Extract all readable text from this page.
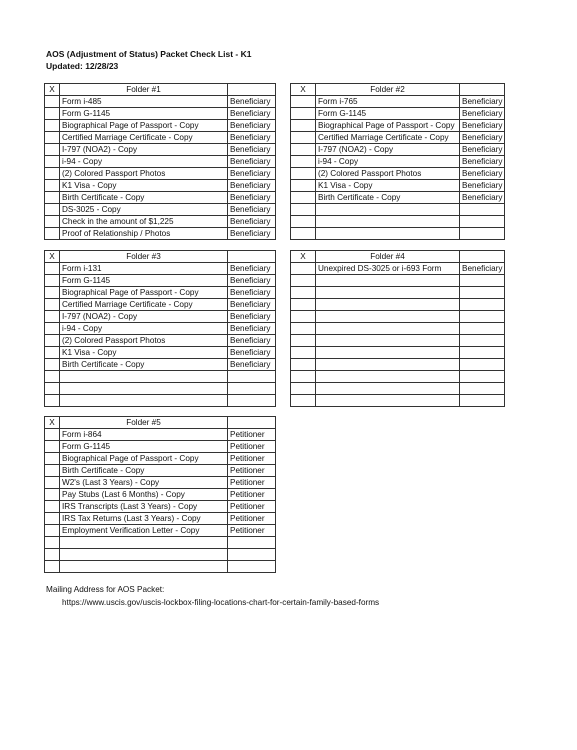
AOS (Adjustment of Status) Packet Check List - K1
Updated: 12/28/23
X	Folder #1	
	Form i-485	Beneficiary
	Form G-1145	Beneficiary
	Biographical Page of Passport - Copy	Beneficiary
	Certified Marriage Certificate - Copy	Beneficiary
	I-797 (NOA2) - Copy	Beneficiary
	i-94 - Copy	Beneficiary
	(2) Colored Passport Photos	Beneficiary
	K1 Visa - Copy	Beneficiary
	Birth Certificate - Copy	Beneficiary
	DS-3025 - Copy	Beneficiary
	Check in the amount of $1,225	Beneficiary
	Proof of Relationship / Photos	Beneficiary
X	Folder #2	
	Form i-765	Beneficiary
	Form G-1145	Beneficiary
	Biographical Page of Passport - Copy	Beneficiary
	Certified Marriage Certificate - Copy	Beneficiary
	I-797 (NOA2) - Copy	Beneficiary
	i-94 - Copy	Beneficiary
	(2) Colored Passport Photos	Beneficiary
	K1 Visa - Copy	Beneficiary
	Birth Certificate - Copy	Beneficiary

X	Folder #3	
	Form i-131	Beneficiary
	Form G-1145	Beneficiary
	Biographical Page of Passport - Copy	Beneficiary
	Certified Marriage Certificate - Copy	Beneficiary
	I-797 (NOA2) - Copy	Beneficiary
	i-94 - Copy	Beneficiary
	(2) Colored Passport Photos	Beneficiary
	K1 Visa - Copy	Beneficiary
	Birth Certificate - Copy	Beneficiary

X	Folder #4	
	Unexpired DS-3025 or i-693 Form	Beneficiary

X	Folder #5	
	Form i-864	Petitioner
	Form G-1145	Petitioner
	Biographical Page of Passport - Copy	Petitioner
	Birth Certificate - Copy	Petitioner
	W2's (Last 3 Years) - Copy	Petitioner
	Pay Stubs (Last 6 Months) - Copy	Petitioner
	IRS Transcripts (Last 3 Years) - Copy	Petitioner
	IRS Tax Returns (Last 3 Years) - Copy	Petitioner
	Employment Verification Letter - Copy	Petitioner

Mailing Address for AOS Packet:
https://www.uscis.gov/uscis-lockbox-filing-locations-chart-for-certain-family-based-forms
